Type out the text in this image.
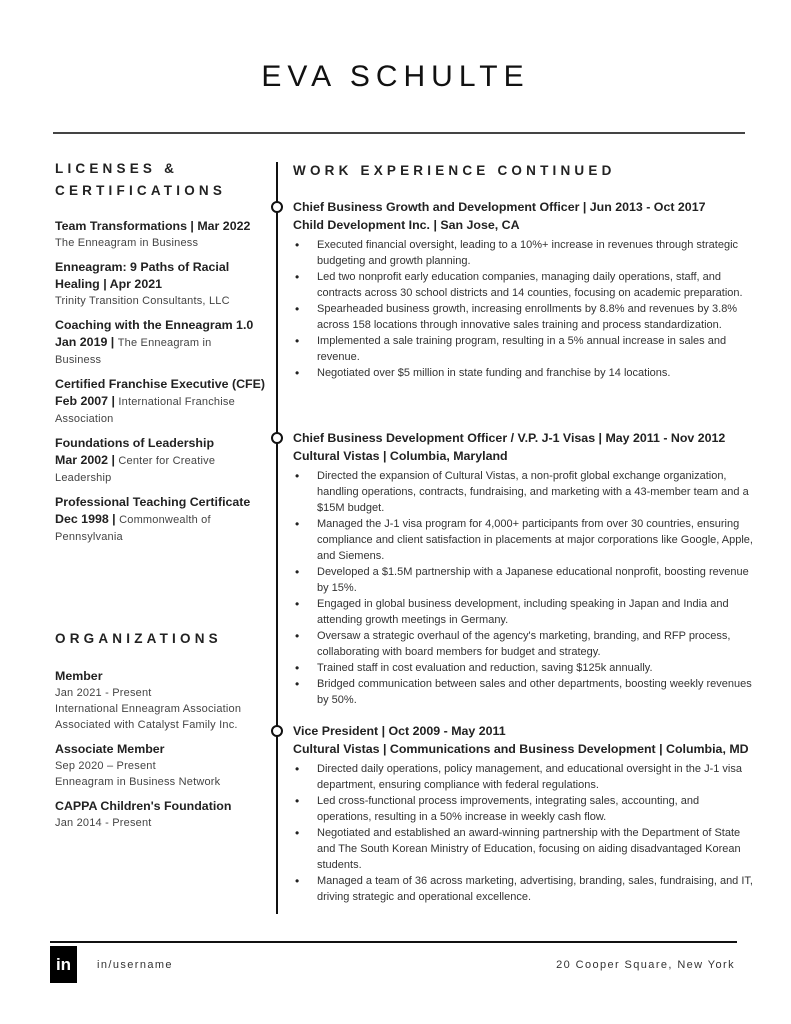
EVA SCHULTE
LICENSES &
CERTIFICATIONS
Team Transformations | Mar 2022
The Enneagram in Business
Enneagram: 9 Paths of Racial Healing | Apr 2021
Trinity Transition Consultants, LLC
Coaching with the Enneagram 1.0
Jan 2019 | The Enneagram in
Business
Certified Franchise Executive (CFE)
Feb 2007 | International Franchise
Association
Foundations of Leadership
Mar 2002 | Center for Creative
Leadership
Professional Teaching Certificate
Dec 1998 | Commonwealth of
Pennsylvania
ORGANIZATIONS
Member
Jan 2021 - Present
International Enneagram Association
Associated with Catalyst Family Inc.
Associate Member
Sep 2020 – Present
Enneagram in Business Network
CAPPA Children's Foundation
Jan 2014 - Present
WORK EXPERIENCE CONTINUED
Chief Business Growth and Development Officer | Jun 2013 - Oct 2017
Child Development Inc. | San Jose, CA
• Executed financial oversight, leading to a 10%+ increase in revenues through strategic budgeting and growth planning.
• Led two nonprofit early education companies, managing daily operations, staff, and contracts across 30 school districts and 14 counties, focusing on academic preparation.
• Spearheaded business growth, increasing enrollments by 8.8% and revenues by 3.8% across 158 locations through innovative sales training and process standardization.
• Implemented a sale training program, resulting in a 5% annual increase in sales and revenue.
• Negotiated over $5 million in state funding and franchise by 14 locations.
Chief Business Development Officer / V.P. J-1 Visas | May 2011 - Nov 2012
Cultural Vistas | Columbia, Maryland
• Directed the expansion of Cultural Vistas, a non-profit global exchange organization, handling operations, contracts, fundraising, and marketing with a 43-member team and a $15M budget.
• Managed the J-1 visa program for 4,000+ participants from over 30 countries, ensuring compliance and client satisfaction in placements at major corporations like Google, Apple, and Siemens.
• Developed a $1.5M partnership with a Japanese educational nonprofit, boosting revenue by 15%.
• Engaged in global business development, including speaking in Japan and India and attending growth meetings in Germany.
• Oversaw a strategic overhaul of the agency's marketing, branding, and RFP process, collaborating with board members for budget and strategy.
• Trained staff in cost evaluation and reduction, saving $125k annually.
• Bridged communication between sales and other departments, boosting weekly revenues by 50%.
Vice President | Oct 2009 - May 2011
Cultural Vistas | Communications and Business Development | Columbia, MD
• Directed daily operations, policy management, and educational oversight in the J-1 visa department, ensuring compliance with federal regulations.
• Led cross-functional process improvements, integrating sales, accounting, and operations, resulting in a 50% increase in weekly cash flow.
• Negotiated and established an award-winning partnership with the Department of State and The South Korean Ministry of Education, focusing on aiding disadvantaged Korean students.
• Managed a team of 36 across marketing, advertising, branding, sales, fundraising, and IT, driving strategic and operational excellence.
in	in/username	20 Cooper Square, New York
